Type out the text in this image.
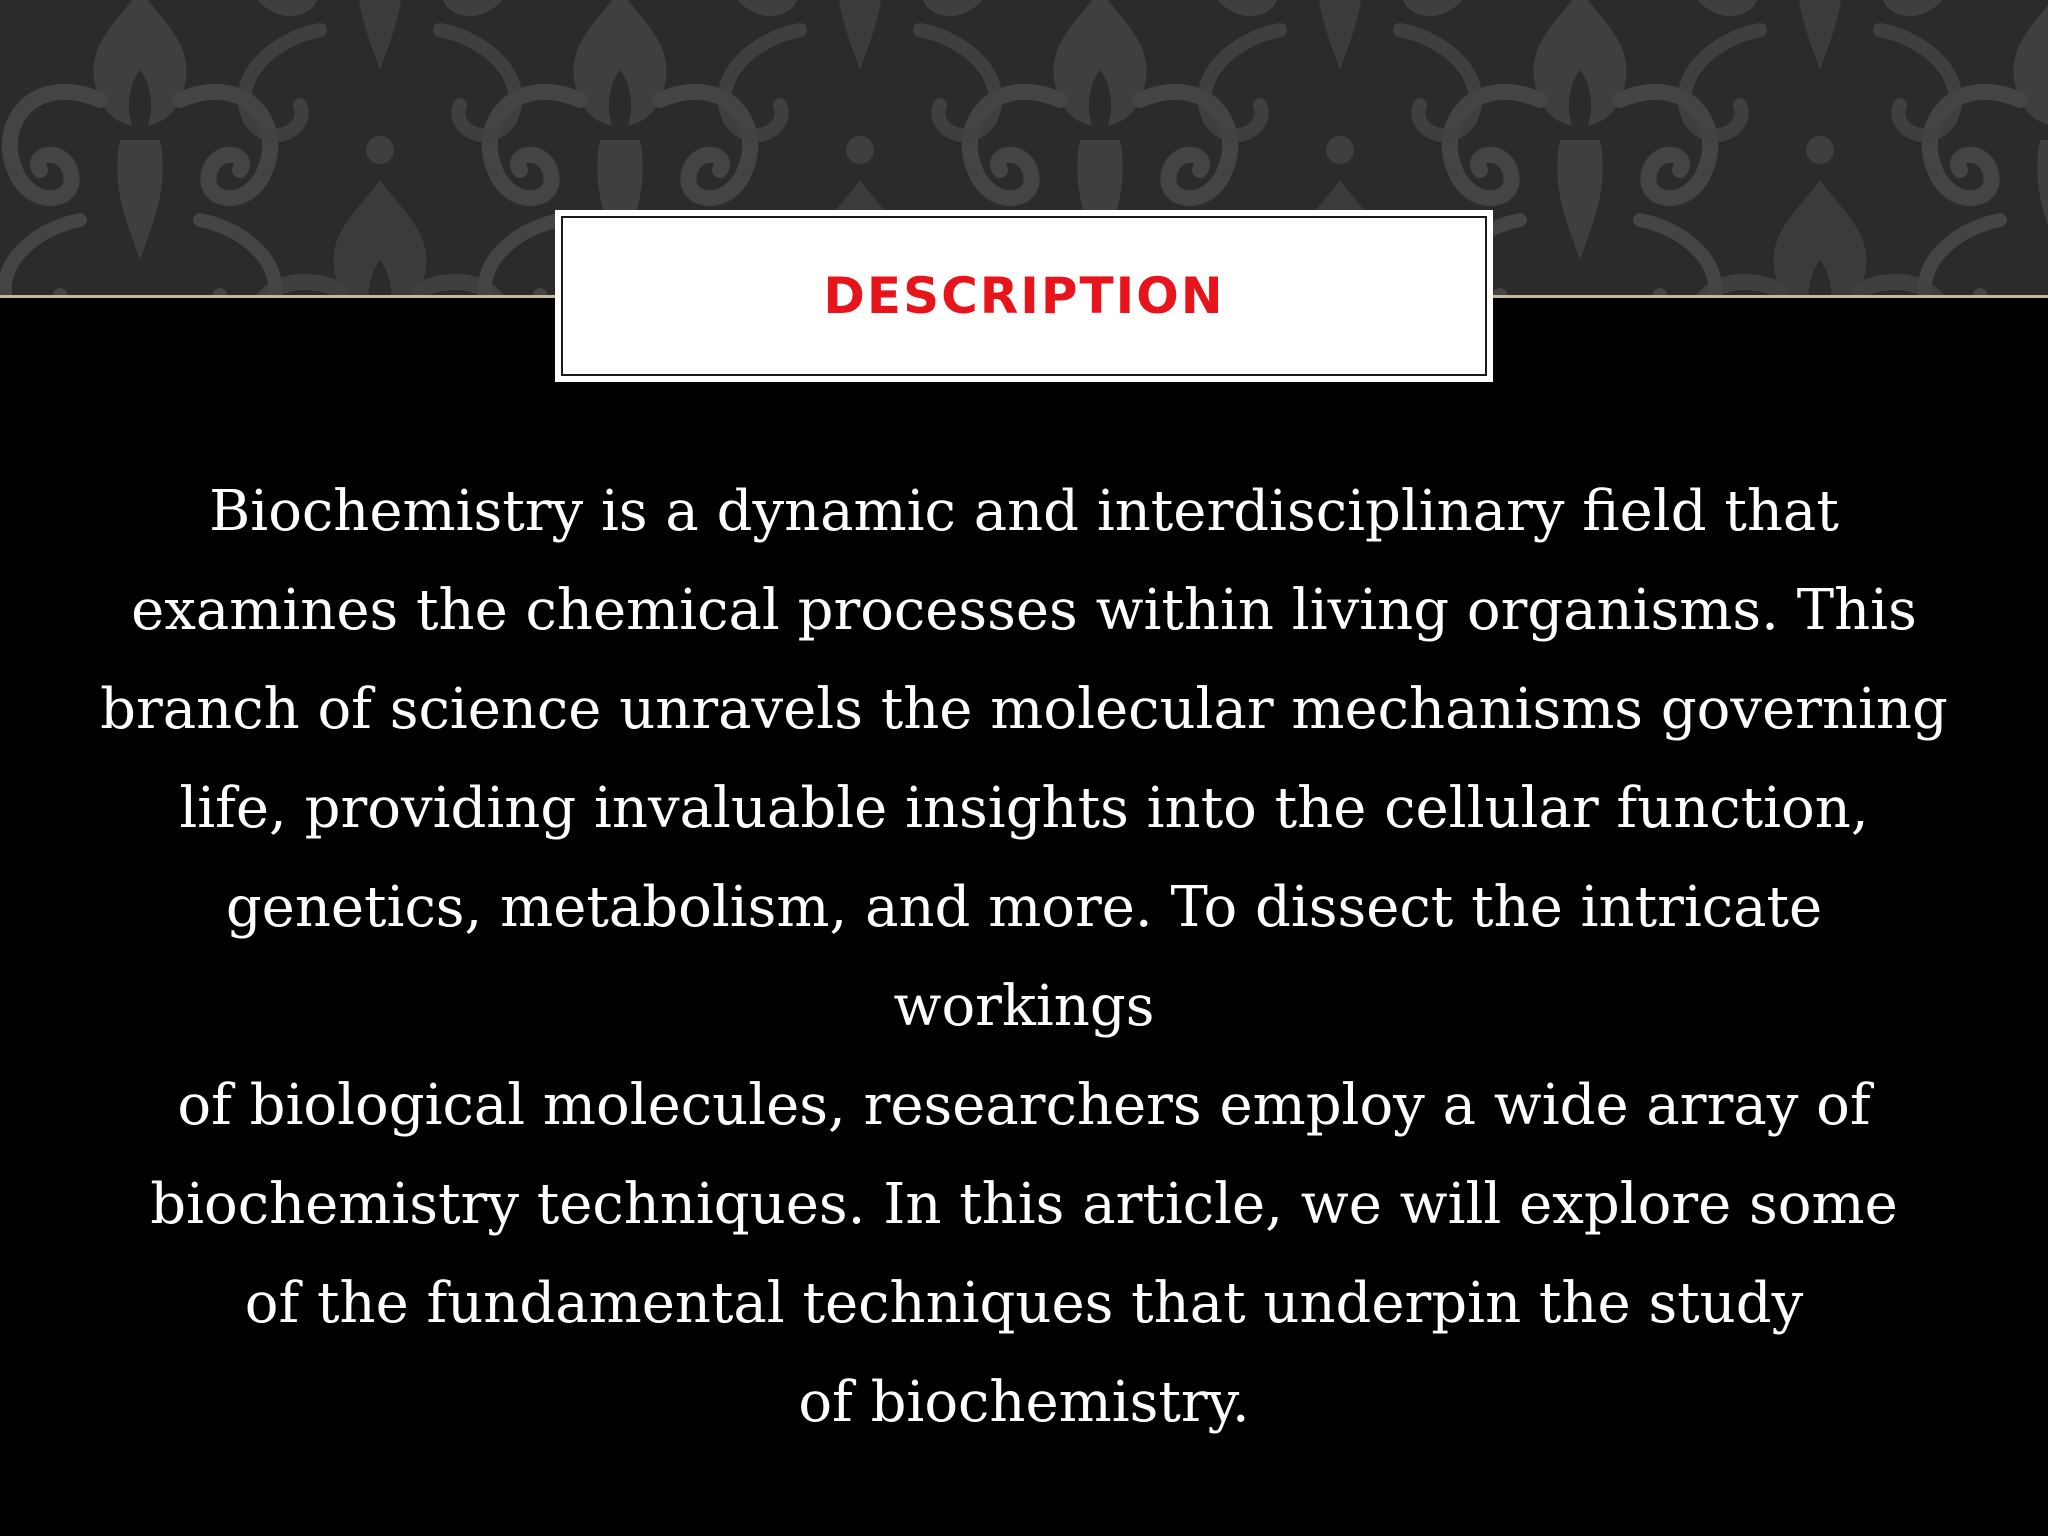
DESCRIPTION

Biochemistry is a dynamic and interdisciplinary field that
examines the chemical processes within living organisms. This
branch of science unravels the molecular mechanisms governing
life, providing invaluable insights into the cellular function,
genetics, metabolism, and more. To dissect the intricate workings
of biological molecules, researchers employ a wide array of
biochemistry techniques. In this article, we will explore some
of the fundamental techniques that underpin the study
of biochemistry.
